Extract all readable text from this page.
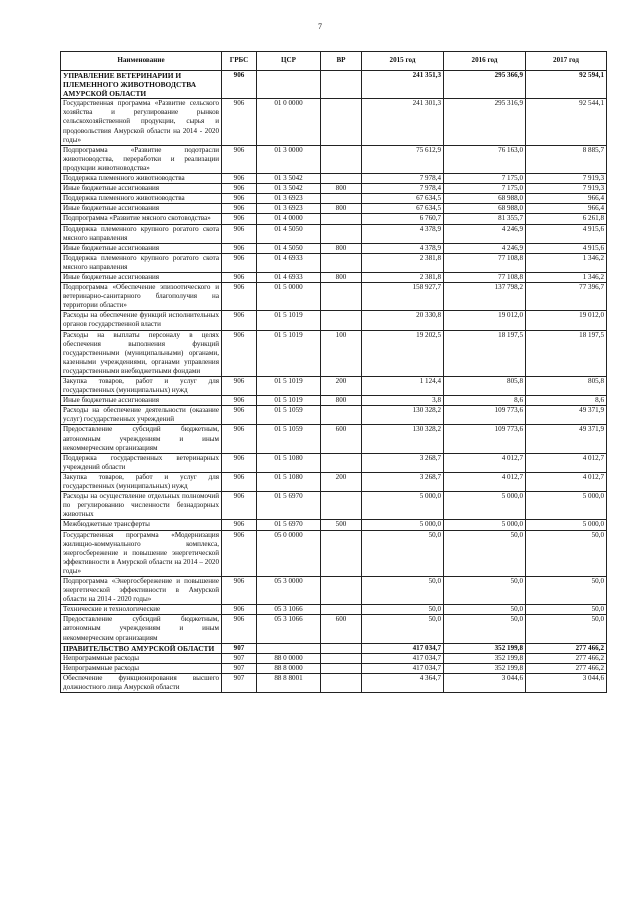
7
Наименование	ГРБС	ЦСР	ВР	2015 год	2016 год	2017 год
УПРАВЛЕНИЕ ВЕТЕРИНАРИИ И ПЛЕМЕННОГО ЖИВОТНОВОДСТВА АМУРСКОЙ ОБЛАСТИ	906			241 351,3	295 366,9	92 594,1
Государственная программа «Развитие сельского хозяйства и регулирование рынков сельскохозяйственной продукции, сырья и продовольствия Амурской области на 2014 - 2020 годы»	906	01 0 0000		241 301,3	295 316,9	92 544,1
Подпрограмма «Развитие подотрасли животноводства, переработки и реализации продукции животноводства»	906	01 3 0000		75 612,9	76 163,0	8 885,7
Поддержка племенного животноводства	906	01 3 5042		7 978,4	7 175,0	7 919,3
Иные бюджетные ассигнования	906	01 3 5042	800	7 978,4	7 175,0	7 919,3
Поддержка племенного животноводства	906	01 3 6923		67 634,5	68 988,0	966,4
Иные бюджетные ассигнования	906	01 3 6923	800	67 634,5	68 988,0	966,4
Подпрограмма «Развитие мясного скотоводства»	906	01 4 0000		6 760,7	81 355,7	6 261,8
Поддержка племенного крупного рогатого скота мясного направления	906	01 4 5050		4 378,9	4 246,9	4 915,6
Иные бюджетные ассигнования	906	01 4 5050	800	4 378,9	4 246,9	4 915,6
Поддержка племенного крупного рогатого скота мясного направления	906	01 4 6933		2 381,8	77 108,8	1 346,2
Иные бюджетные ассигнования	906	01 4 6933	800	2 381,8	77 108,8	1 346,2
Подпрограмма «Обеспечение эпизоотического и ветеринарно-санитарного благополучия на территории области»	906	01 5 0000		158 927,7	137 798,2	77 396,7
Расходы на обеспечение функций исполнительных органов государственной власти	906	01 5 1019		20 330,8	19 012,0	19 012,0
Расходы на выплаты персоналу в целях обеспечения выполнения функций государственными (муниципальными) органами, казенными учреждениями, органами управления государственными внебюджетными фондами	906	01 5 1019	100	19 202,5	18 197,5	18 197,5
Закупка товаров, работ и услуг для государственных (муниципальных) нужд	906	01 5 1019	200	1 124,4	805,8	805,8
Иные бюджетные ассигнования	906	01 5 1019	800	3,8	8,6	8,6
Расходы на обеспечение деятельности (оказание услуг) государственных учреждений	906	01 5 1059		130 328,2	109 773,6	49 371,9
Предоставление субсидий бюджетным, автономным учреждениям и иным некоммерческим организациям	906	01 5 1059	600	130 328,2	109 773,6	49 371,9
Поддержка государственных ветеринарных учреждений области	906	01 5 1080		3 268,7	4 012,7	4 012,7
Закупка товаров, работ и услуг для государственных (муниципальных) нужд	906	01 5 1080	200	3 268,7	4 012,7	4 012,7
Расходы на осуществление отдельных полномочий по регулированию численности безнадзорных животных	906	01 5 6970		5 000,0	5 000,0	5 000,0
Межбюджетные трансферты	906	01 5 6970	500	5 000,0	5 000,0	5 000,0
Государственная программа «Модернизация жилищно-коммунального комплекса, энергосбережение и повышение энергетической эффективности в Амурской области на 2014 – 2020 годы»	906	05 0 0000		50,0	50,0	50,0
Подпрограмма «Энергосбережение и повышение энергетической эффективности в Амурской области на 2014 - 2020 годы»	906	05 3 0000		50,0	50,0	50,0
Технические и технологические	906	05 3 1066		50,0	50,0	50,0
Предоставление субсидий бюджетным, автономным учреждениям и иным некоммерческим организациям	906	05 3 1066	600	50,0	50,0	50,0
ПРАВИТЕЛЬСТВО АМУРСКОЙ ОБЛАСТИ	907			417 034,7	352 199,8	277 466,2
Непрограммные расходы	907	88 0 0000		417 034,7	352 199,8	277 466,2
Непрограммные расходы	907	88 8 0000		417 034,7	352 199,8	277 466,2
Обеспечение функционирования высшего должностного лица Амурской области	907	88 8 8001		4 364,7	3 044,6	3 044,6
